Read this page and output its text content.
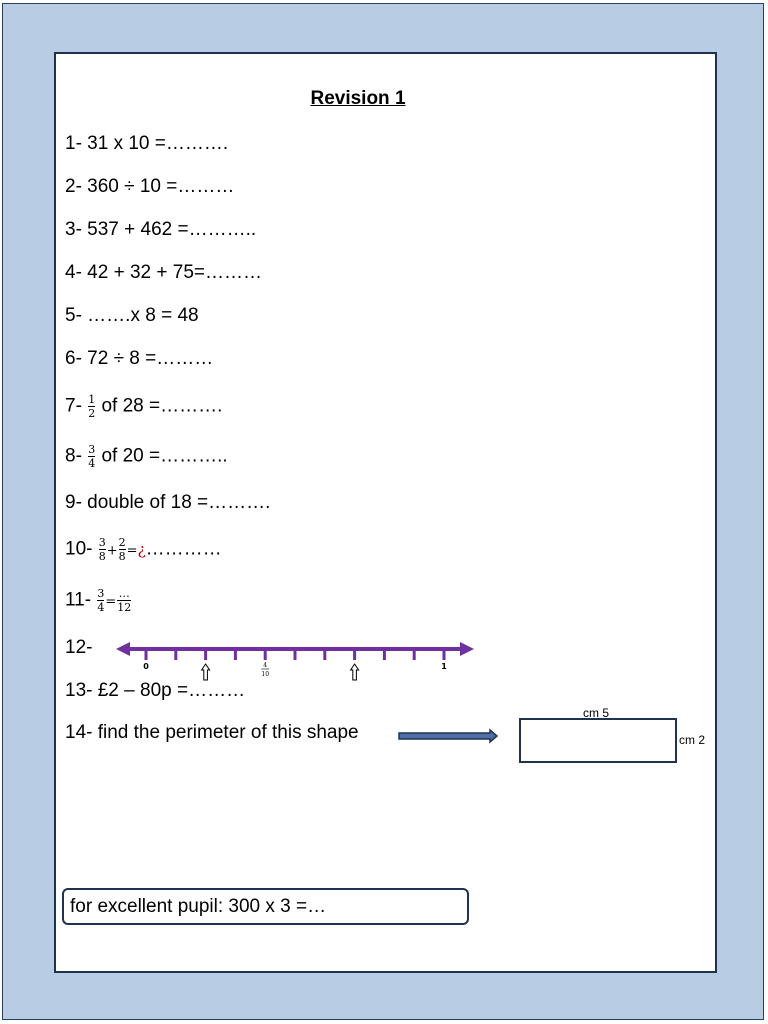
Revision 1
1- 31 x 10 =……….
2- 360 ÷ 10 =………
3- 537 + 462 =………..
4- 42 + 32 + 75=………
5- …….x 8 = 48
6- 72 ÷ 8 =………
$7- \frac{1}{2}$ of 28 =……….
$8- \frac{3}{4}$ of 20 =………..
9- double of 18 =……….
$10- \frac{3}{8} + \frac{2}{8}$ =¿…………
$11- \frac{3}{4}$ =
…
12
12-
0	1
4
10
13- £2 – 80p =………
14- find the perimeter of this shape
cm 5
cm 2
for excellent pupil: 300 x 3 =…
